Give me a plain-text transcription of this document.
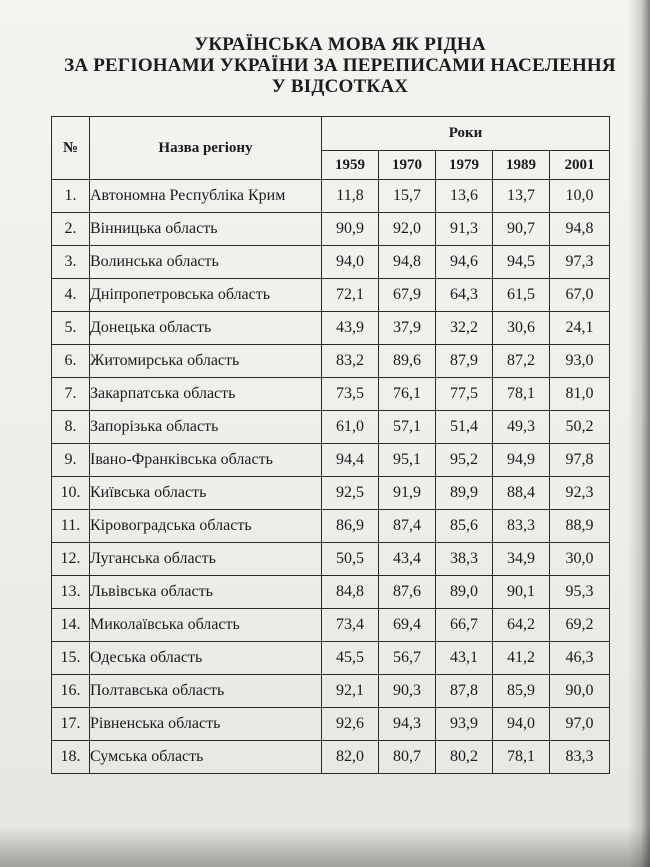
УКРАЇНСЬКА МОВА ЯК РІДНА
ЗА РЕГІОНАМИ УКРАЇНИ ЗА ПЕРЕПИСАМИ НАСЕЛЕННЯ
У ВІДСОТКАХ
№	Назва регіону	Роки				
		1959	1970	1979	1989	2001
1.	Автономна Республіка Крим	11,8	15,7	13,6	13,7	10,0
2.	Вінницька область	90,9	92,0	91,3	90,7	94,8
3.	Волинська область	94,0	94,8	94,6	94,5	97,3
4.	Дніпропетровська область	72,1	67,9	64,3	61,5	67,0
5.	Донецька область	43,9	37,9	32,2	30,6	24,1
6.	Житомирська область	83,2	89,6	87,9	87,2	93,0
7.	Закарпатська область	73,5	76,1	77,5	78,1	81,0
8.	Запорізька область	61,0	57,1	51,4	49,3	50,2
9.	Івано-Франківська область	94,4	95,1	95,2	94,9	97,8
10.	Київська область	92,5	91,9	89,9	88,4	92,3
11.	Кіровоградська область	86,9	87,4	85,6	83,3	88,9
12.	Луганська область	50,5	43,4	38,3	34,9	30,0
13.	Львівська область	84,8	87,6	89,0	90,1	95,3
14.	Миколаївська область	73,4	69,4	66,7	64,2	69,2
15.	Одеська область	45,5	56,7	43,1	41,2	46,3
16.	Полтавська область	92,1	90,3	87,8	85,9	90,0
17.	Рівненська область	92,6	94,3	93,9	94,0	97,0
18.	Сумська область	82,0	80,7	80,2	78,1	83,3
